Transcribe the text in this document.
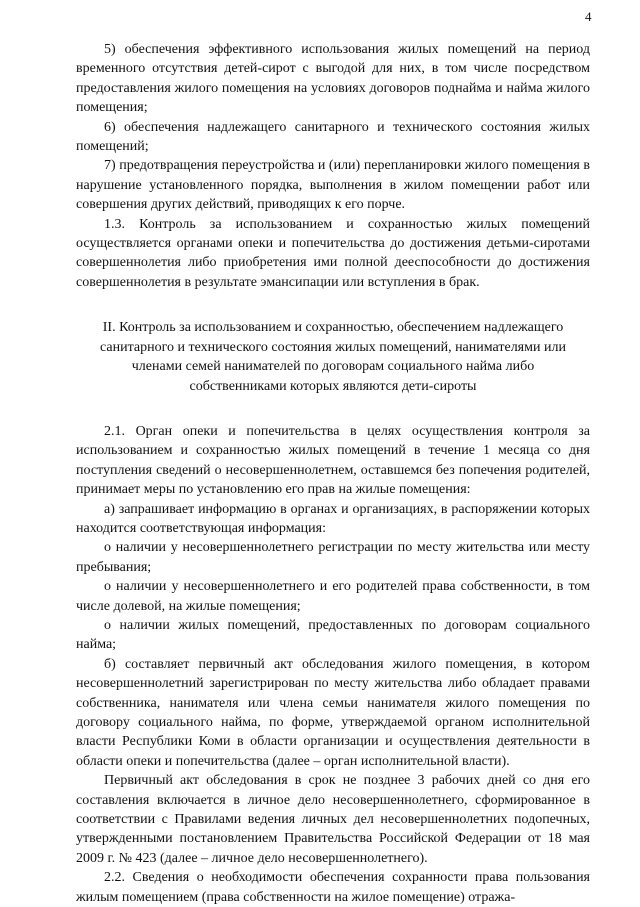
4

5) обеспечения эффективного использования жилых помещений на период временного отсутствия детей-сирот с выгодой для них, в том числе посредством предоставления жилого помещения на условиях договоров поднайма и найма жилого помещения;

6) обеспечения надлежащего санитарного и технического состояния жилых помещений;

7) предотвращения переустройства и (или) перепланировки жилого помещения в нарушение установленного порядка, выполнения в жилом помещении работ или совершения других действий, приводящих к его порче.

1.3. Контроль за использованием и сохранностью жилых помещений осуществляется органами опеки и попечительства до достижения детьми-сиротами совершеннолетия либо приобретения ими полной дееспособности до достижения совершеннолетия в результате эмансипации или вступления в брак.

II. Контроль за использованием и сохранностью, обеспечением надлежащего
санитарного и технического состояния жилых помещений, нанимателями или
членами семей нанимателей по договорам социального найма либо
собственниками которых являются дети-сироты

2.1. Орган опеки и попечительства в целях осуществления контроля за использованием и сохранностью жилых помещений в течение 1 месяца со дня поступления сведений о несовершеннолетнем, оставшемся без попечения родителей, принимает меры по установлению его прав на жилые помещения:

а) запрашивает информацию в органах и организациях, в распоряжении которых находится соответствующая информация:

о наличии у несовершеннолетнего регистрации по месту жительства или месту пребывания;

о наличии у несовершеннолетнего и его родителей права собственности, в том числе долевой, на жилые помещения;

о наличии жилых помещений, предоставленных по договорам социального найма;

б) составляет первичный акт обследования жилого помещения, в котором несовершеннолетний зарегистрирован по месту жительства либо обладает правами собственника, нанимателя или члена семьи нанимателя жилого помещения по договору социального найма, по форме, утверждаемой органом исполнительной власти Республики Коми в области организации и осуществления деятельности в области опеки и попечительства (далее – орган исполнительной власти).

Первичный акт обследования в срок не позднее 3 рабочих дней со дня его составления включается в личное дело несовершеннолетнего, сформированное в соответствии с Правилами ведения личных дел несовершеннолетних подопечных, утвержденными постановлением Правительства Российской Федерации от 18 мая 2009 г. № 423 (далее – личное дело несовершеннолетнего).

2.2. Сведения о необходимости обеспечения сохранности права пользования жилым помещением (права собственности на жилое помещение) отража-
